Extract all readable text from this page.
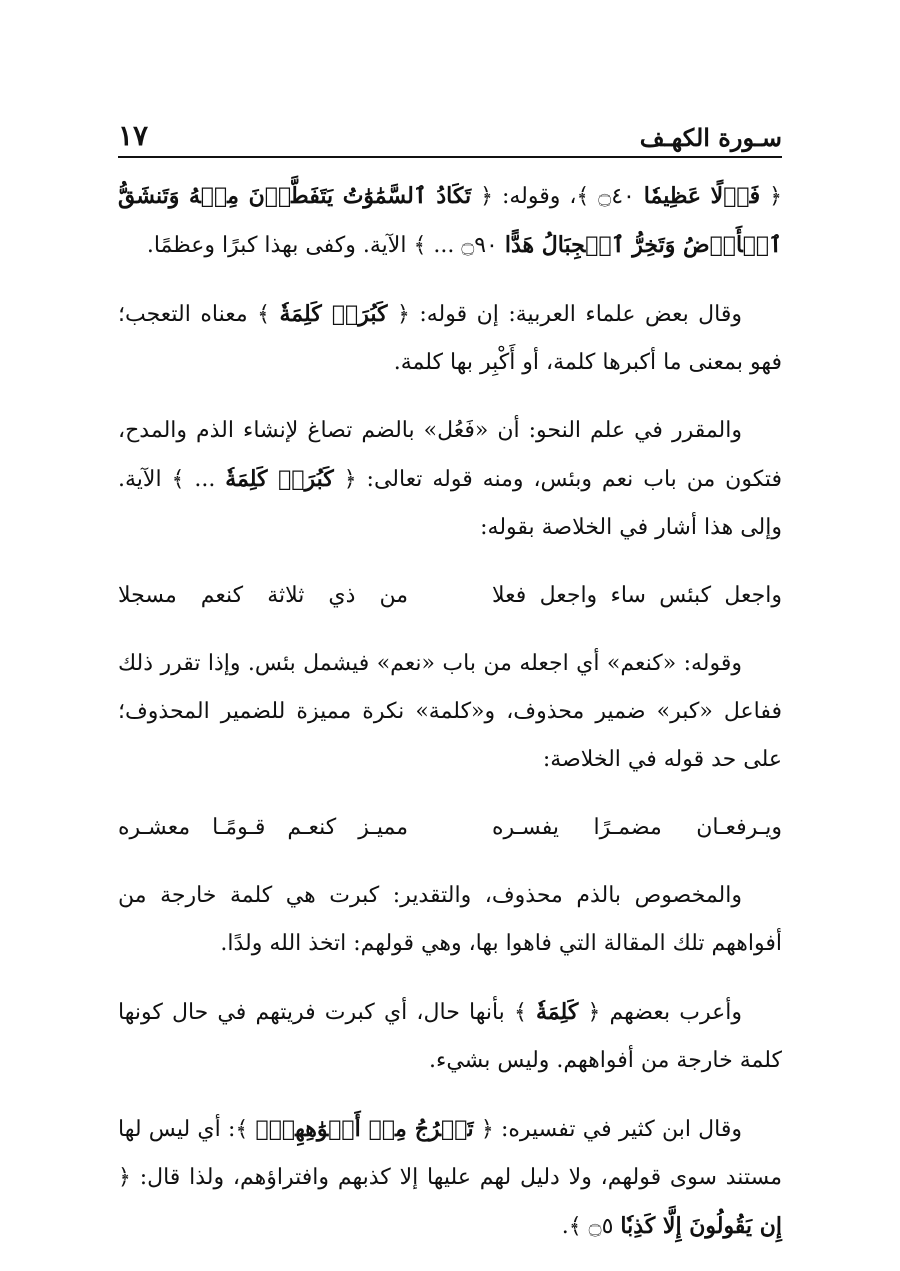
سـورة الكهـف
١٧

﴿ فَوۡلًا عَظِيمٗا ۝٤٠ ﴾، وقوله: ﴿ تَكَادُ ٱلسَّمَٰوَٰتُ يَتَفَطَّرۡنَ مِنۡهُ وَتَنشَقُّ ٱلۡأَرۡضُ وَتَخِرُّ ٱلۡجِبَالُ هَدًّا ۝٩٠ ... ﴾ الآية. وكفى بهذا كبرًا وعظمًا.

وقال بعض علماء العربية: إن قوله: ﴿ كَبُرَتۡ كَلِمَةٗ ﴾ معناه التعجب؛ فهو بمعنى ما أكبرها كلمة، أو أَكْبِر بها كلمة.

والمقرر في علم النحو: أن «فَعُل» بالضم تصاغ لإنشاء الذم والمدح، فتكون من باب نعم وبئس، ومنه قوله تعالى: ﴿ كَبُرَتۡ كَلِمَةٗ ... ﴾ الآية. وإلى هذا أشار في الخلاصة بقوله:

واجعل كبئس ساء واجعل فعلا
من ذي ثلاثة كنعم مسجلا

وقوله: «كنعم» أي اجعله من باب «نعم» فيشمل بئس. وإذا تقرر ذلك ففاعل «كبر» ضمير محذوف، و«كلمة» نكرة مميزة للضمير المحذوف؛ على حد قوله في الخلاصة:

ويـرفعـان مضمـرًا يفسـره
مميـز كنعـم قـومًـا معشـره

والمخصوص بالذم محذوف، والتقدير: كبرت هي كلمة خارجة من أفواههم تلك المقالة التي فاهوا بها، وهي قولهم: اتخذ الله ولدًا.

وأعرب بعضهم ﴿ كَلِمَةٗ ﴾ بأنها حال، أي كبرت فريتهم في حال كونها كلمة خارجة من أفواههم. وليس بشيء.

وقال ابن كثير في تفسيره: ﴿ تَخۡرُجُ مِنۡ أَفۡوَٰهِهِمۡۚ ﴾: أي ليس لها مستند سوى قولهم، ولا دليل لهم عليها إلا كذبهم وافتراؤهم، ولذا قال: ﴿ إِن يَقُولُونَ إِلَّا كَذِبٗا ۝٥ ﴾.
